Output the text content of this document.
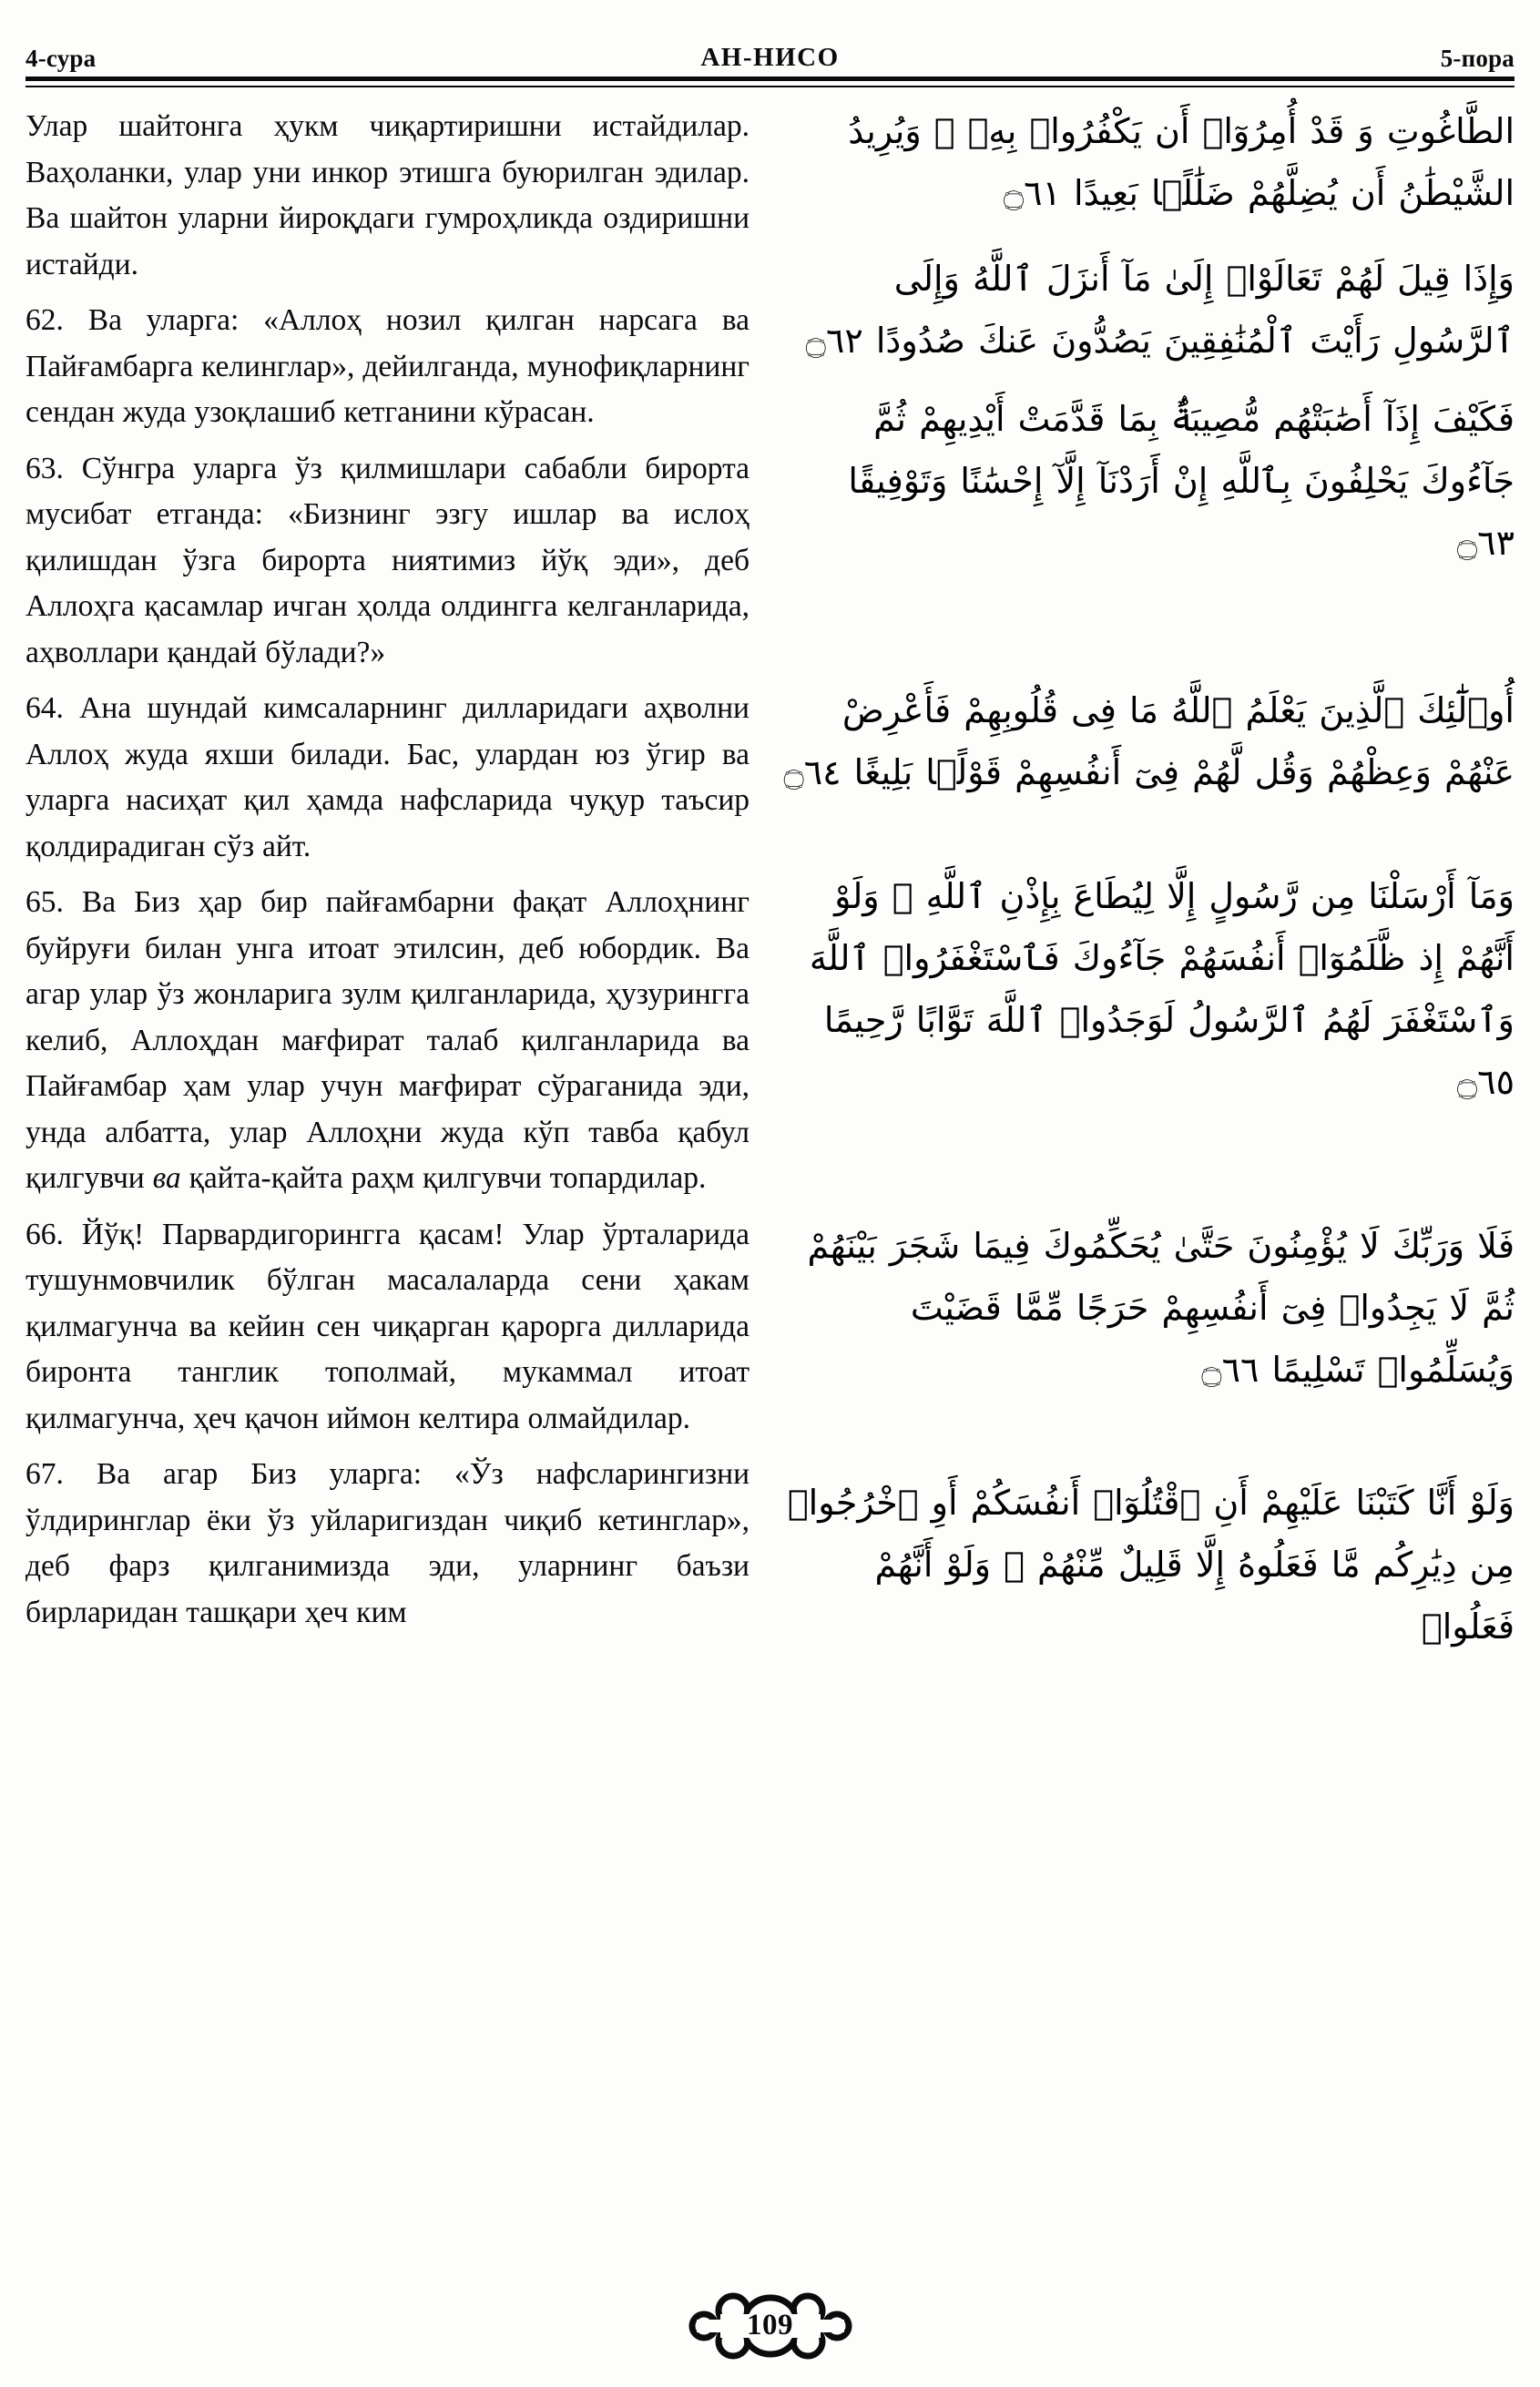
4-сура	АН-НИСО	5-пора

Улар шайтонга ҳукм чиқартиришни истайдилар. Ваҳоланки, улар уни инкор этишга буюрилган эдилар. Ва шайтон уларни йироқдаги гумроҳликда оздиришни истайди.

62. Ва уларга: «Аллоҳ нозил қилган нарсага ва Пайғамбарга келинглар», дейилганда, мунофиқларнинг сендан жуда узоқлашиб кетганини кўрасан.

63. Сўнгра уларга ўз қилмишлари сабабли бирорта мусибат етганда: «Бизнинг эзгу ишлар ва ислоҳ қилишдан ўзга бирорта ниятимиз йўқ эди», деб Аллоҳга қасамлар ичган ҳолда олдингга келганларида, аҳволлари қандай бўлади?»

64. Ана шундай кимсаларнинг дилларидаги аҳволни Аллоҳ жуда яхши билади. Бас, улардан юз ўгир ва уларга насиҳат қил ҳамда нафсларида чуқур таъсир қолдирадиган сўз айт.

65. Ва Биз ҳар бир пайғамбарни фақат Аллоҳнинг буйруғи билан унга итоат этилсин, деб юбордик. Ва агар улар ўз жонларига зулм қилганларида, ҳузурингга келиб, Аллоҳдан мағфират талаб қилганларида ва Пайғамбар ҳам улар учун мағфират сўраганида эди, унда албатта, улар Аллоҳни жуда кўп тавба қабул қилгувчи ва қайта-қайта раҳм қилгувчи топардилар.

66. Йўқ! Парвардигорингга қасам! Улар ўрталарида тушунмовчилик бўлган масалаларда сени ҳакам қилмагунча ва кейин сен чиқарган қарорга дилларида биронта танглик тополмай, мукаммал итоат қилмагунча, ҳеч қачон иймон келтира олмайдилар.

67. Ва агар Биз уларга: «Ўз нафсларингизни ўлдиринглар ёки ўз уйларигиздан чиқиб кетинглар», деб фарз қилганимизда эди, уларнинг баъзи бирларидан ташқари ҳеч ким

الطَّاغُوتِ وَ قَدْ أُمِرُوٓا۟ أَن يَكْفُرُوا۟ بِهِۦ ۖ وَيُرِيدُ الشَّيْطَٰنُ أَن يُضِلَّهُمْ ضَلَٰلًۢا بَعِيدًا ۝٦١

وَإِذَا قِيلَ لَهُمْ تَعَالَوْا۟ إِلَىٰ مَآ أَنزَلَ ٱللَّهُ وَإِلَى ٱلرَّسُولِ رَأَيْتَ ٱلْمُنَٰفِقِينَ يَصُدُّونَ عَنكَ صُدُودًا ۝٦٢

فَكَيْفَ إِذَآ أَصَٰبَتْهُم مُّصِيبَةٌۢ بِمَا قَدَّمَتْ أَيْدِيهِمْ ثُمَّ جَآءُوكَ يَحْلِفُونَ بِٱللَّهِ إِنْ أَرَدْنَآ إِلَّآ إِحْسَٰنًا وَتَوْفِيقًا ۝٦٣

أُو۟لَٰٓئِكَ ٱلَّذِينَ يَعْلَمُ ٱللَّهُ مَا فِى قُلُوبِهِمْ فَأَعْرِضْ عَنْهُمْ وَعِظْهُمْ وَقُل لَّهُمْ فِىٓ أَنفُسِهِمْ قَوْلًۢا بَلِيغًا ۝٦٤

وَمَآ أَرْسَلْنَا مِن رَّسُولٍ إِلَّا لِيُطَاعَ بِإِذْنِ ٱللَّهِ ۚ وَلَوْ أَنَّهُمْ إِذ ظَّلَمُوٓا۟ أَنفُسَهُمْ جَآءُوكَ فَٱسْتَغْفَرُوا۟ ٱللَّهَ وَٱسْتَغْفَرَ لَهُمُ ٱلرَّسُولُ لَوَجَدُوا۟ ٱللَّهَ تَوَّابًا رَّحِيمًا ۝٦٥

فَلَا وَرَبِّكَ لَا يُؤْمِنُونَ حَتَّىٰ يُحَكِّمُوكَ فِيمَا شَجَرَ بَيْنَهُمْ ثُمَّ لَا يَجِدُوا۟ فِىٓ أَنفُسِهِمْ حَرَجًا مِّمَّا قَضَيْتَ وَيُسَلِّمُوا۟ تَسْلِيمًا ۝٦٦

وَلَوْ أَنَّا كَتَبْنَا عَلَيْهِمْ أَنِ ٱقْتُلُوٓا۟ أَنفُسَكُمْ أَوِ ٱخْرُجُوا۟ مِن دِيَٰرِكُم مَّا فَعَلُوهُ إِلَّا قَلِيلٌ مِّنْهُمْ ۖ وَلَوْ أَنَّهُمْ فَعَلُوا۟

109
